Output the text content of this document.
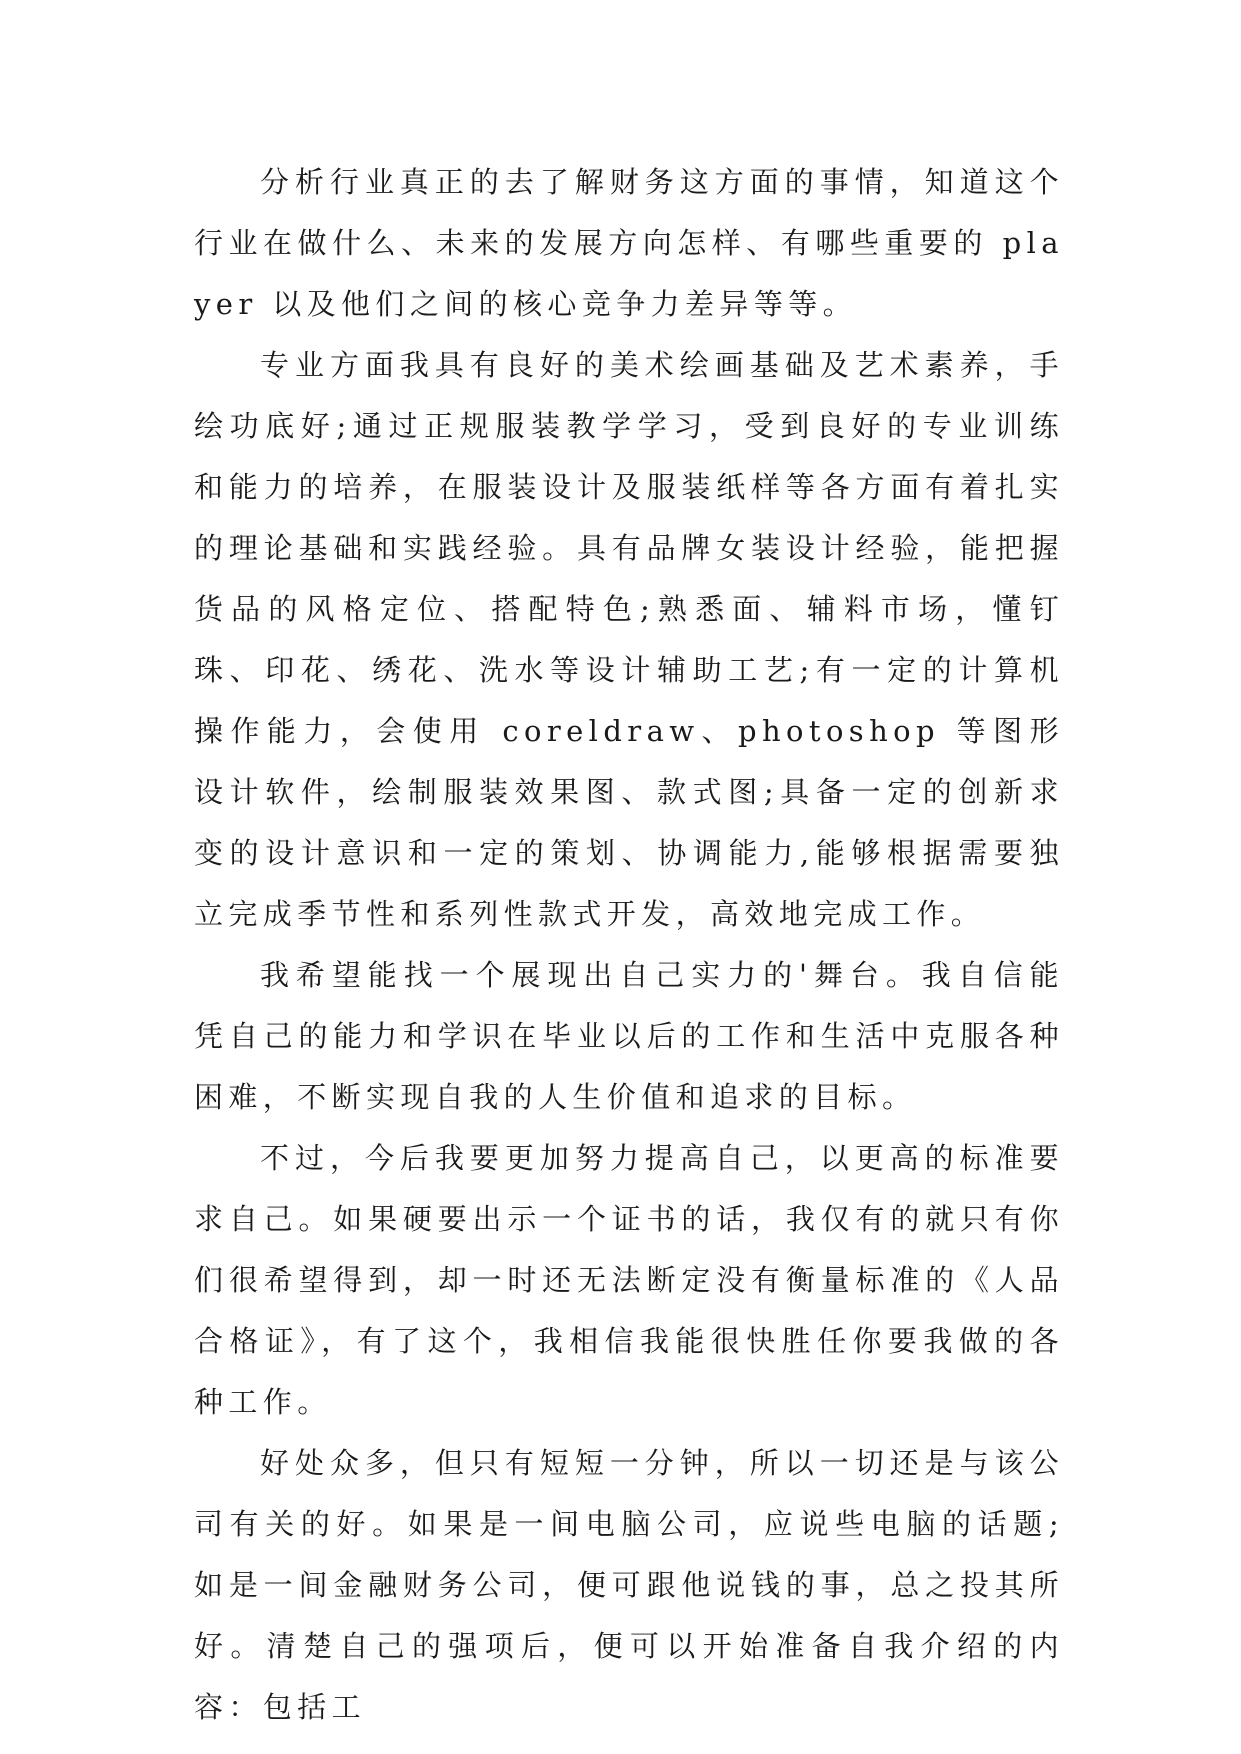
分析行业真正的去了解财务这方面的事情，知道这个行业在做什么、未来的发展方向怎样、有哪些重要的 player 以及他们之间的核心竞争力差异等等。

专业方面我具有良好的美术绘画基础及艺术素养，手绘功底好;通过正规服装教学学习，受到良好的专业训练和能力的培养，在服装设计及服装纸样等各方面有着扎实的理论基础和实践经验。具有品牌女装设计经验，能把握货品的风格定位、搭配特色;熟悉面、辅料市场，懂钉珠、印花、绣花、洗水等设计辅助工艺;有一定的计算机操作能力，会使用 coreldraw、photoshop 等图形设计软件，绘制服装效果图、款式图;具备一定的创新求变的设计意识和一定的策划、协调能力,能够根据需要独立完成季节性和系列性款式开发，高效地完成工作。

我希望能找一个展现出自己实力的'舞台。我自信能凭自己的能力和学识在毕业以后的工作和生活中克服各种困难，不断实现自我的人生价值和追求的目标。

不过，今后我要更加努力提高自己，以更高的标准要求自己。如果硬要出示一个证书的话，我仅有的就只有你们很希望得到，却一时还无法断定没有衡量标准的《人品合格证》，有了这个，我相信我能很快胜任你要我做的各种工作。

好处众多，但只有短短一分钟，所以一切还是与该公司有关的好。如果是一间电脑公司，应说些电脑的话题;如是一间金融财务公司，便可跟他说钱的事，总之投其所好。清楚自己的强项后，便可以开始准备自我介绍的内容：包括工
